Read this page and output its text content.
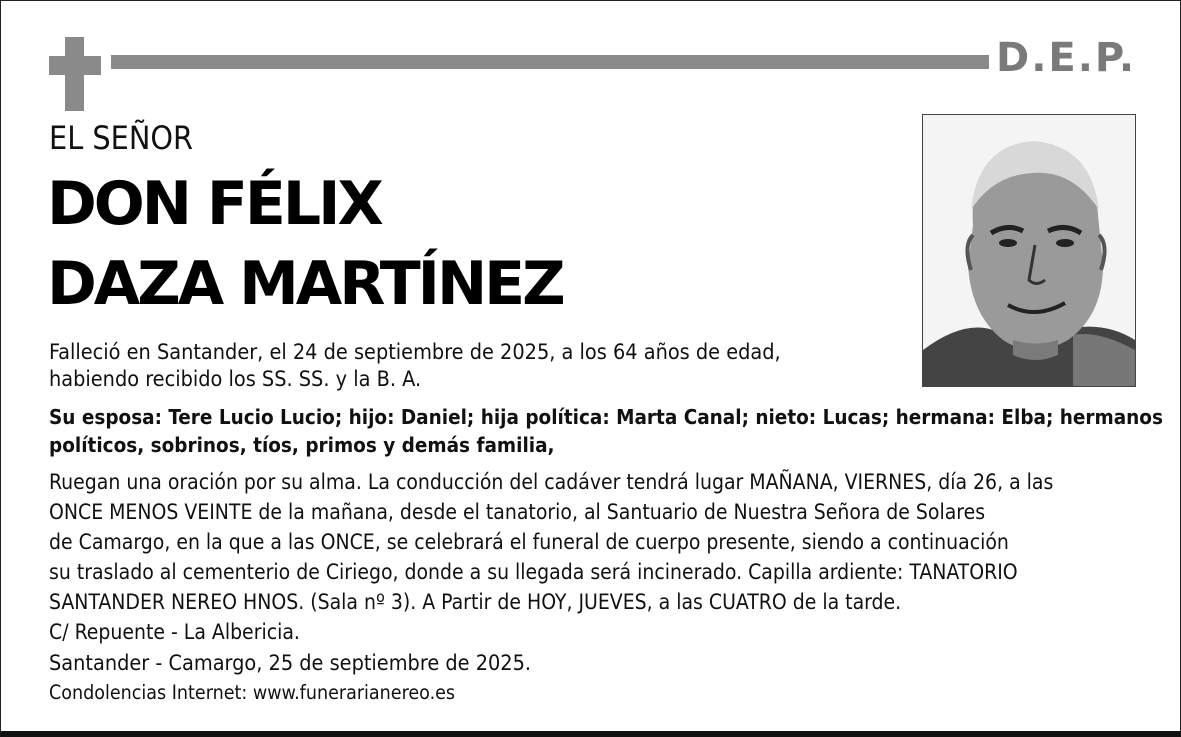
D.E.P.
EL SEÑOR
DON FÉLIX
DAZA MARTÍNEZ
Falleció en Santander, el 24 de septiembre de 2025, a los 64 años de edad,
habiendo recibido los SS. SS. y la B. A.
Su esposa: Tere Lucio Lucio; hijo: Daniel; hija política: Marta Canal; nieto: Lucas; hermana: Elba; hermanos
políticos, sobrinos, tíos, primos y demás familia,
Ruegan una oración por su alma. La conducción del cadáver tendrá lugar MAÑANA, VIERNES, día 26, a las
ONCE MENOS VEINTE de la mañana, desde el tanatorio, al Santuario de Nuestra Señora de Solares
de Camargo, en la que a las ONCE, se celebrará el funeral de cuerpo presente, siendo a continuación
su traslado al cementerio de Ciriego, donde a su llegada será incinerado. Capilla ardiente: TANATORIO
SANTANDER NEREO HNOS. (Sala nº 3). A Partir de HOY, JUEVES, a las CUATRO de la tarde.
C/ Repuente - La Albericia.
Santander - Camargo, 25 de septiembre de 2025.
Condolencias Internet: www.funerarianereo.es
